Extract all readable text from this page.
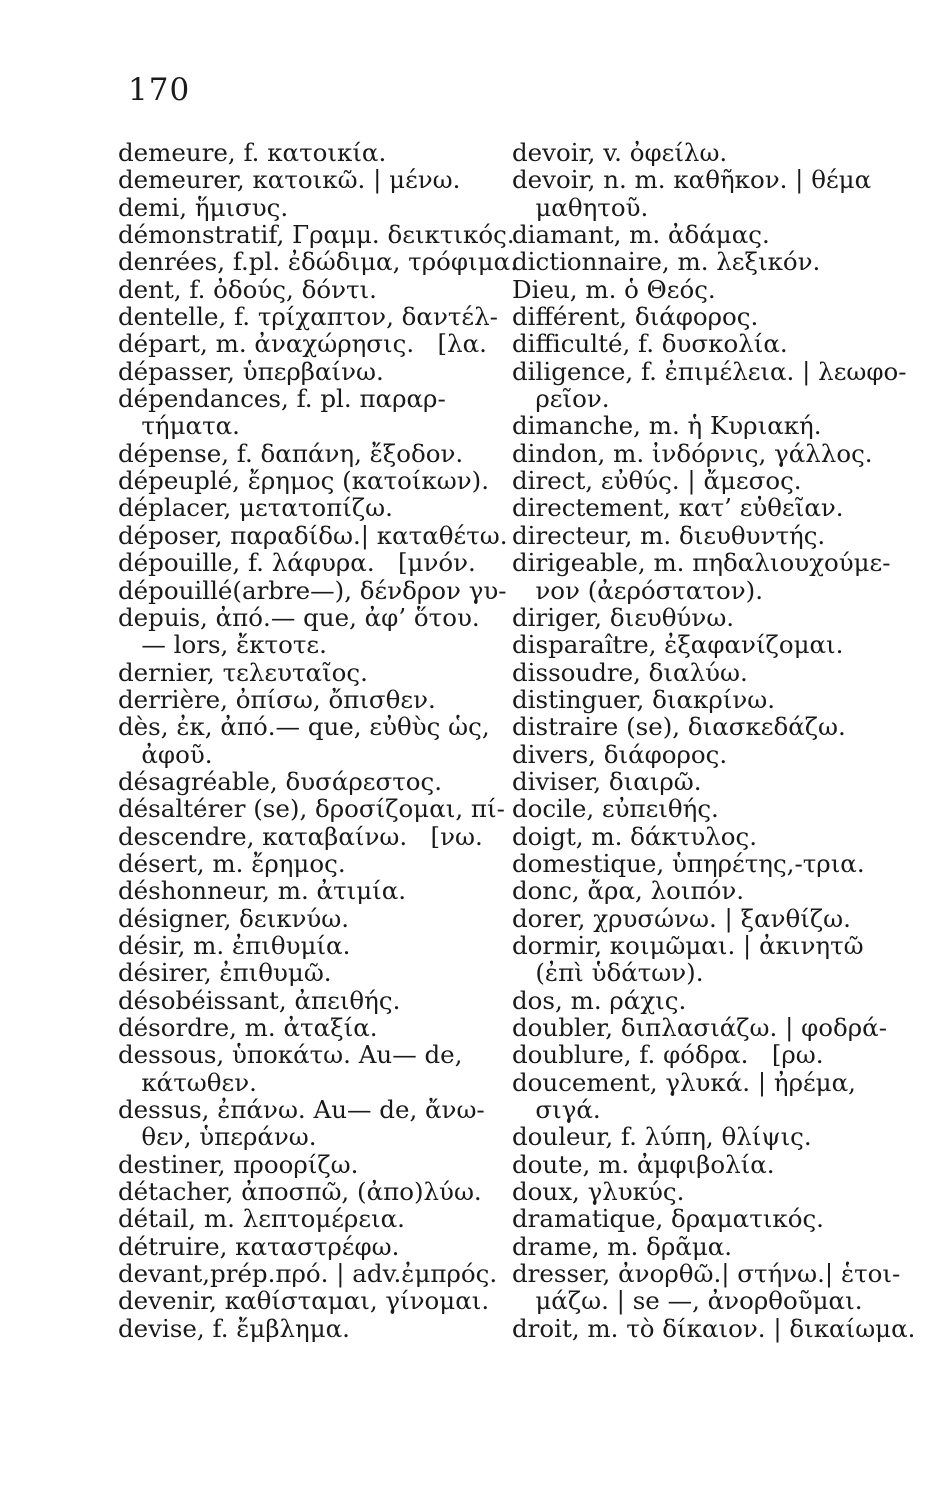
170
demeure, f. κατοικία.
demeurer, κατοικῶ. | μένω.
demi, ἥμισυς.
démonstratif, Γραμμ. δεικτικός.
denrées, f.pl. ἐδώδιμα, τρόφιμα.
dent, f. ὀδούς, δόντι.
dentelle, f. τρίχαπτον, δαντέλ-
départ, m. ἀναχώρησις.   [λα.
dépasser, ὑπερβαίνω.
dépendances, f. pl. παραρ-
τήματα.
dépense, f. δαπάνη, ἔξοδον.
dépeuplé, ἔρημος (κατοίκων).
déplacer, μετατοπίζω.
déposer, παραδίδω.| καταθέτω.
dépouille, f. λάφυρα.   [μνόν.
dépouillé(arbre—), δένδρον γυ-
depuis, ἀπό.— que, ἀφ’ ὅτου.
— lors, ἔκτοτε.
dernier, τελευταῖος.
derrière, ὀπίσω, ὄπισθεν.
dès, ἐκ, ἀπό.— que, εὐθὺς ὡς,
ἀφοῦ.
désagréable, δυσάρεστος.
désaltérer (se), δροσίζομαι, πί-
descendre, καταβαίνω.   [νω.
désert, m. ἔρημος.
déshonneur, m. ἀτιμία.
désigner, δεικνύω.
désir, m. ἐπιθυμία.
désirer, ἐπιθυμῶ.
désobéissant, ἀπειθής.
désordre, m. ἀταξία.
dessous, ὑποκάτω. Au— de,
κάτωθεν.
dessus, ἐπάνω. Au— de, ἄνω-
θεν, ὑπεράνω.
destiner, προορίζω.
détacher, ἀποσπῶ, (ἀπο)λύω.
détail, m. λεπτομέρεια.
détruire, καταστρέφω.
devant,prép.πρό. | adv.ἐμπρός.
devenir, καθίσταμαι, γίνομαι.
devise, f. ἔμβλημα.
devoir, v. ὀφείλω.
devoir, n. m. καθῆκον. | θέμα
μαθητοῦ.
diamant, m. ἀδάμας.
dictionnaire, m. λεξικόν.
Dieu, m. ὁ Θεός.
différent, διάφορος.
difficulté, f. δυσκολία.
diligence, f. ἐπιμέλεια. | λεωφο-
ρεῖον.
dimanche, m. ἡ Κυριακή.
dindon, m. ἰνδόρνις, γάλλος.
direct, εὐθύς. | ἄμεσος.
directement, κατ’ εὐθεῖαν.
directeur, m. διευθυντής.
dirigeable, m. πηδαλιουχούμε-
νον (ἀερόστατον).
diriger, διευθύνω.
disparaître, ἐξαφανίζομαι.
dissoudre, διαλύω.
distinguer, διακρίνω.
distraire (se), διασκεδάζω.
divers, διάφορος.
diviser, διαιρῶ.
docile, εὐπειθής.
doigt, m. δάκτυλος.
domestique, ὑπηρέτης,-τρια.
donc, ἄρα, λοιπόν.
dorer, χρυσώνω. | ξανθίζω.
dormir, κοιμῶμαι. | ἀκινητῶ
(ἐπὶ ὑδάτων).
dos, m. ράχις.
doubler, διπλασιάζω. | φοδρά-
doublure, f. φόδρα.   [ρω.
doucement, γλυκά. | ἠρέμα,
σιγά.
douleur, f. λύπη, θλίψις.
doute, m. ἀμφιβολία.
doux, γλυκύς.
dramatique, δραματικός.
drame, m. δρᾶμα.
dresser, ἀνορθῶ.| στήνω.| ἑτοι-
μάζω. | se —, ἀνορθοῦμαι.
droit, m. τὸ δίκαιον. | δικαίωμα.
